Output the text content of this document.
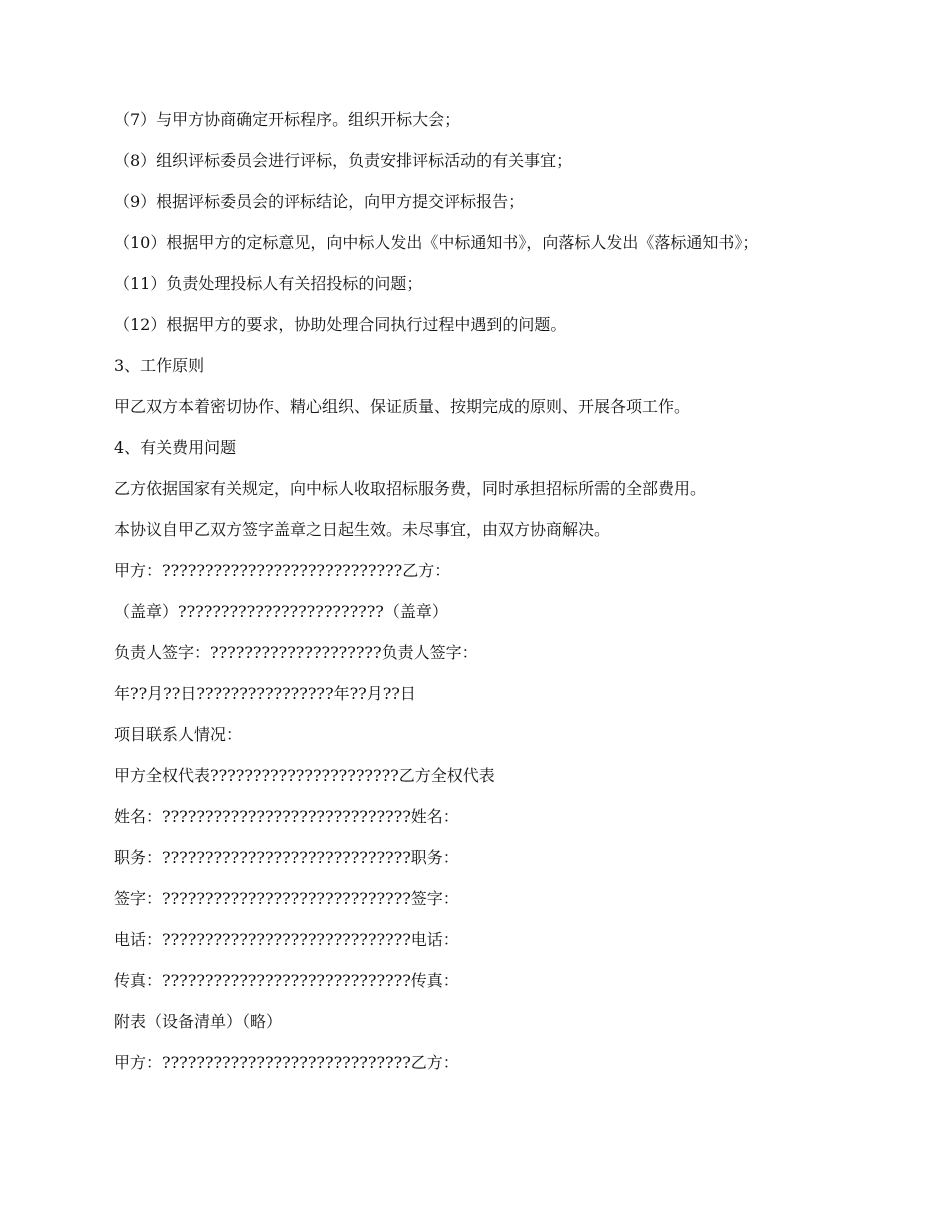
（7）与甲方协商确定开标程序。组织开标大会；

（8）组织评标委员会进行评标，负责安排评标活动的有关事宜；

（9）根据评标委员会的评标结论，向甲方提交评标报告；

（10）根据甲方的定标意见，向中标人发出《中标通知书》，向落标人发出《落标通知书》；

（11）负责处理投标人有关招投标的问题；

（12）根据甲方的要求，协助处理合同执行过程中遇到的问题。

3、工作原则

甲乙双方本着密切协作、精心组织、保证质量、按期完成的原则、开展各项工作。

4、有关费用问题

乙方依据国家有关规定，向中标人收取招标服务费，同时承担招标所需的全部费用。

本协议自甲乙双方签字盖章之日起生效。未尽事宜，由双方协商解决。

甲方：????????????????????????????乙方：

（盖章）????????????????????????（盖章）

负责人签字：????????????????????负责人签字：

年??月??日????????????????年??月??日

项目联系人情况：

甲方全权代表??????????????????????乙方全权代表

姓名：?????????????????????????????姓名：

职务：?????????????????????????????职务：

签字：?????????????????????????????签字：

电话：?????????????????????????????电话：

传真：?????????????????????????????传真：

附表（设备清单）（略）

甲方：?????????????????????????????乙方：
